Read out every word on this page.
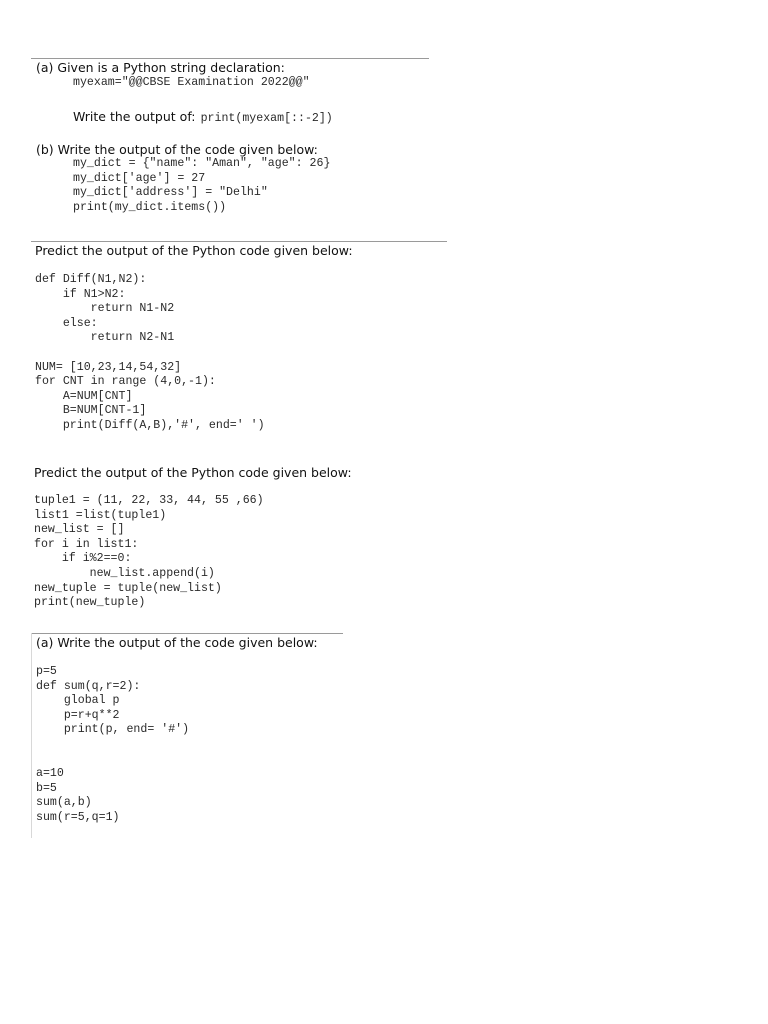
(a) Given is a Python string declaration:
myexam="@@CBSE Examination 2022@@"
Write the output of: print(myexam[::-2])
(b) Write the output of the code given below:
my_dict = {"name": "Aman", "age": 26}
my_dict['age'] = 27
my_dict['address'] = "Delhi"
print(my_dict.items())
Predict the output of the Python code given below:
def Diff(N1,N2):
if N1>N2:
return N1-N2
else:
return N2-N1

NUM= [10,23,14,54,32]
for CNT in range (4,0,-1):
A=NUM[CNT]
B=NUM[CNT-1]
print(Diff(A,B),'#', end=' ')
Predict the output of the Python code given below:
tuple1 = (11, 22, 33, 44, 55 ,66)
list1 =list(tuple1)
new_list = []
for i in list1:
if i%2==0:
new_list.append(i)
new_tuple = tuple(new_list)
print(new_tuple)
(a) Write the output of the code given below:
p=5
def sum(q,r=2):
global p
p=r+q**2
print(p, end= '#')

a=10
b=5
sum(a,b)
sum(r=5,q=1)
